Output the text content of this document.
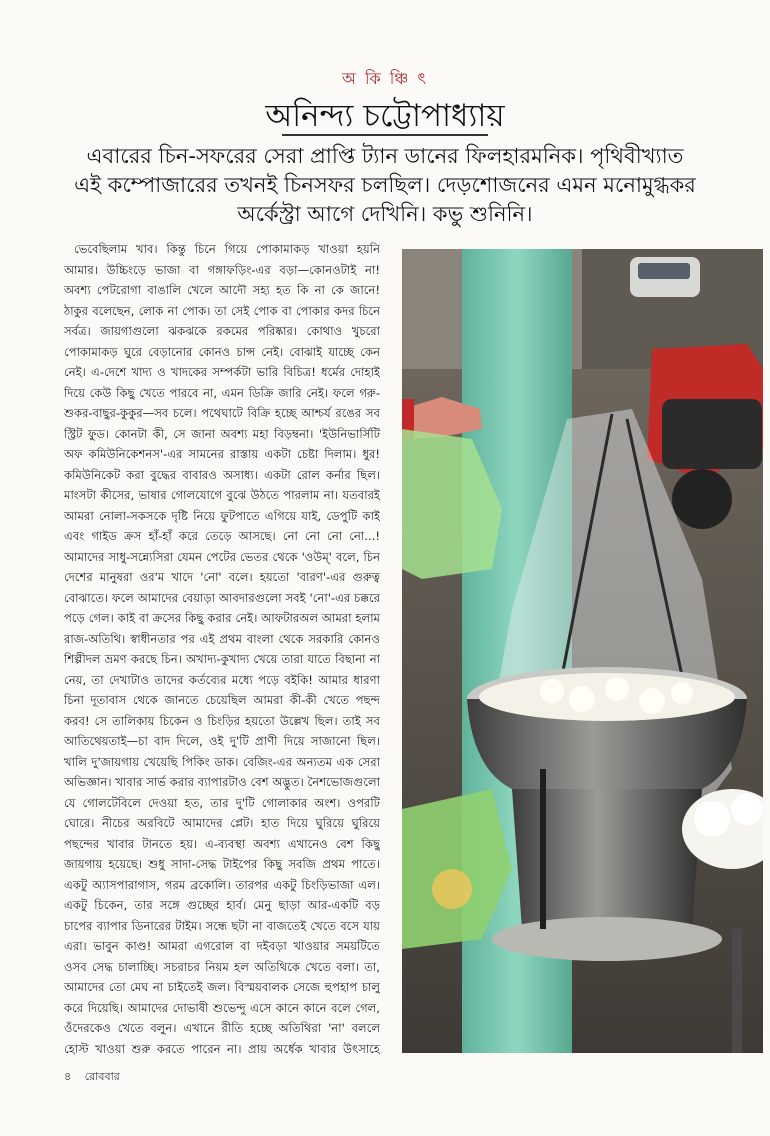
অ কি ঞ্চি ৎ
অনিন্দ্য চট্টোপাধ্যায়
এবারের চিন-সফরের সেরা প্রাপ্তি ট্যান ডানের ফিলহারমনিক। পৃথিবীখ্যাত এই কম্পোজারের তখনই চিনসফর চলছিল। দেড়শোজনের এমন মনোমুগ্ধকর অর্কেস্ট্রা আগে দেখিনি। কভু শুনিনি।

ভেবেছিলাম খাব। কিন্তু চিনে গিয়ে পোকামাকড় খাওয়া হয়নি আমার। উচ্চিংড়ে ভাজা বা গঙ্গাফড়িং-এর বড়া—কোনওটাই না! অবশ্য পেটরোগা বাঙালি খেলে আদৌ সহ্য হত কি না কে জানে! ঠাকুর বলেছেন, লোক না পোক। তা সেই পোক বা পোকার কদর চিনে সর্বত্র। জায়গাগুলো ঝকঝকে রকমের পরিষ্কার। কোথাও খুচরো পোকামাকড় ঘুরে বেড়ানোর কোনও চান্স নেই। বোঝাই যাচ্ছে কেন নেই। এ-দেশে খাদ্য ও খাদকের সম্পর্কটা ভারি বিচিত্র! ধর্মের দোহাই দিয়ে কেউ কিছু খেতে পারবে না, এমন ডিক্রি জারি নেই। ফলে গরু-শুকর-বাছুর-কুকুর—সব চলে। পথেঘাটে বিক্রি হচ্ছে আশ্চর্য রঙের সব স্ট্রিট ফুড। কোনটা কী, সে জানা অবশ্য মহা বিড়ম্বনা। 'ইউনিভার্সিটি অফ কমিউনিকেশনস'-এর সামনের রাস্তায় একটা চেষ্টা দিলাম। ধুর! কমিউনিকেট করা বুদ্ধের বাবারও অসাধ্য। একটা রোল কর্নার ছিল। মাংসটা কীসের, ভাষার গোলযোগে বুঝে উঠতে পারলাম না। যতবারই আমরা নোলা-সকসকে দৃষ্টি নিয়ে ফুটপাতে এগিয়ে যাই, ডেপুটি কাই এবং গাইড ক্রস হাঁ-হাঁ করে তেড়ে আসছে। নো নো নো নো...! আমাদের সাধু-সন্ন্যেসিরা যেমন পেটের ভেতর থেকে 'ওউম্' বলে, চিন দেশের মানুষরা ওর'ম খাদে 'নো' বলে। হয়তো 'বারণ'-এর গুরুত্ব বোঝাতে। ফলে আমাদের বেয়াড়া আবদারগুলো সবই 'নো'-এর চক্করে পড়ে গেল। কাই বা ক্রসের কিছু করার নেই। আফটারঅল আমরা হলাম রাজ-অতিথি। স্বাধীনতার পর এই প্রথম বাংলা থেকে সরকারি কোনও শিল্পীদল ভ্রমণ করছে চিন। অখাদ্য-কুখাদ্য খেয়ে তারা যাতে বিছানা না নেয়, তা দেখাটাও তাদের কর্তব্যের মধ্যে পড়ে বইকি! আমার ধারণা চিনা দূতাবাস থেকে জানতে চেয়েছিল আমরা কী-কী খেতে পছন্দ করব! সে তালিকায় চিকেন ও চিংড়ির হয়তো উল্লেখ ছিল। তাই সব আতিথেয়তাই—চা বাদ দিলে, ওই দু'টি প্রাণী দিয়ে সাজানো ছিল। খালি দু'জায়গায় খেয়েছি পিকিং ডাক। বেজিং-এর অন্যতম এক সেরা অভিজ্ঞান। খাবার সার্ভ করার ব্যাপারটাও বেশ অদ্ভুত। নৈশভোজগুলো যে গোলটেবিলে দেওয়া হত, তার দু'টি গোলাকার অংশ। ওপরটি ঘোরে। নীচের অরবিটে আমাদের প্লেট। হাত দিয়ে ঘুরিয়ে ঘুরিয়ে পছন্দের খাবার টানতে হয়। এ-ব্যবস্থা অবশ্য এখানেও বেশ কিছু জায়গায় হয়েছে। শুধু সাদা-সেদ্ধ টাইপের কিছু সবজি প্রথম পাতে। একটু অ্যাসপারাগাস, গরম ব্রকোলি। তারপর একটু চিংড়িভাজা এল। একটু চিকেন, তার সঙ্গে গুচ্ছের হার্ব। মেনু ছাড়া আর-একটি বড় চাপের ব্যাপার ডিনারের টাইম। সন্ধে ছটা না বাজতেই খেতে বসে যায় এরা। ভাবুন কাণ্ড! আমরা এগরোল বা দইবড়া খাওয়ার সময়টিতে ওসব সেদ্ধ চালাচ্ছি। সচরাচর নিয়ম হল অতিথিকে খেতে বলা। তা, আমাদের তো মেঘ না চাইতেই জল। বিস্ময়বালক সেজে হুপহাপ চালু করে দিয়েছি। আমাদের দোভাষী শুভেন্দু এসে কানে কানে বলে গেল, ওঁদেরকেও খেতে বলুন। এখানে রীতি হচ্ছে অতিথিরা 'না' বললে হোস্ট খাওয়া শুরু করতে পারেন না। প্রায় অর্ধেক খাবার উৎসাহে

৪ রোববার
